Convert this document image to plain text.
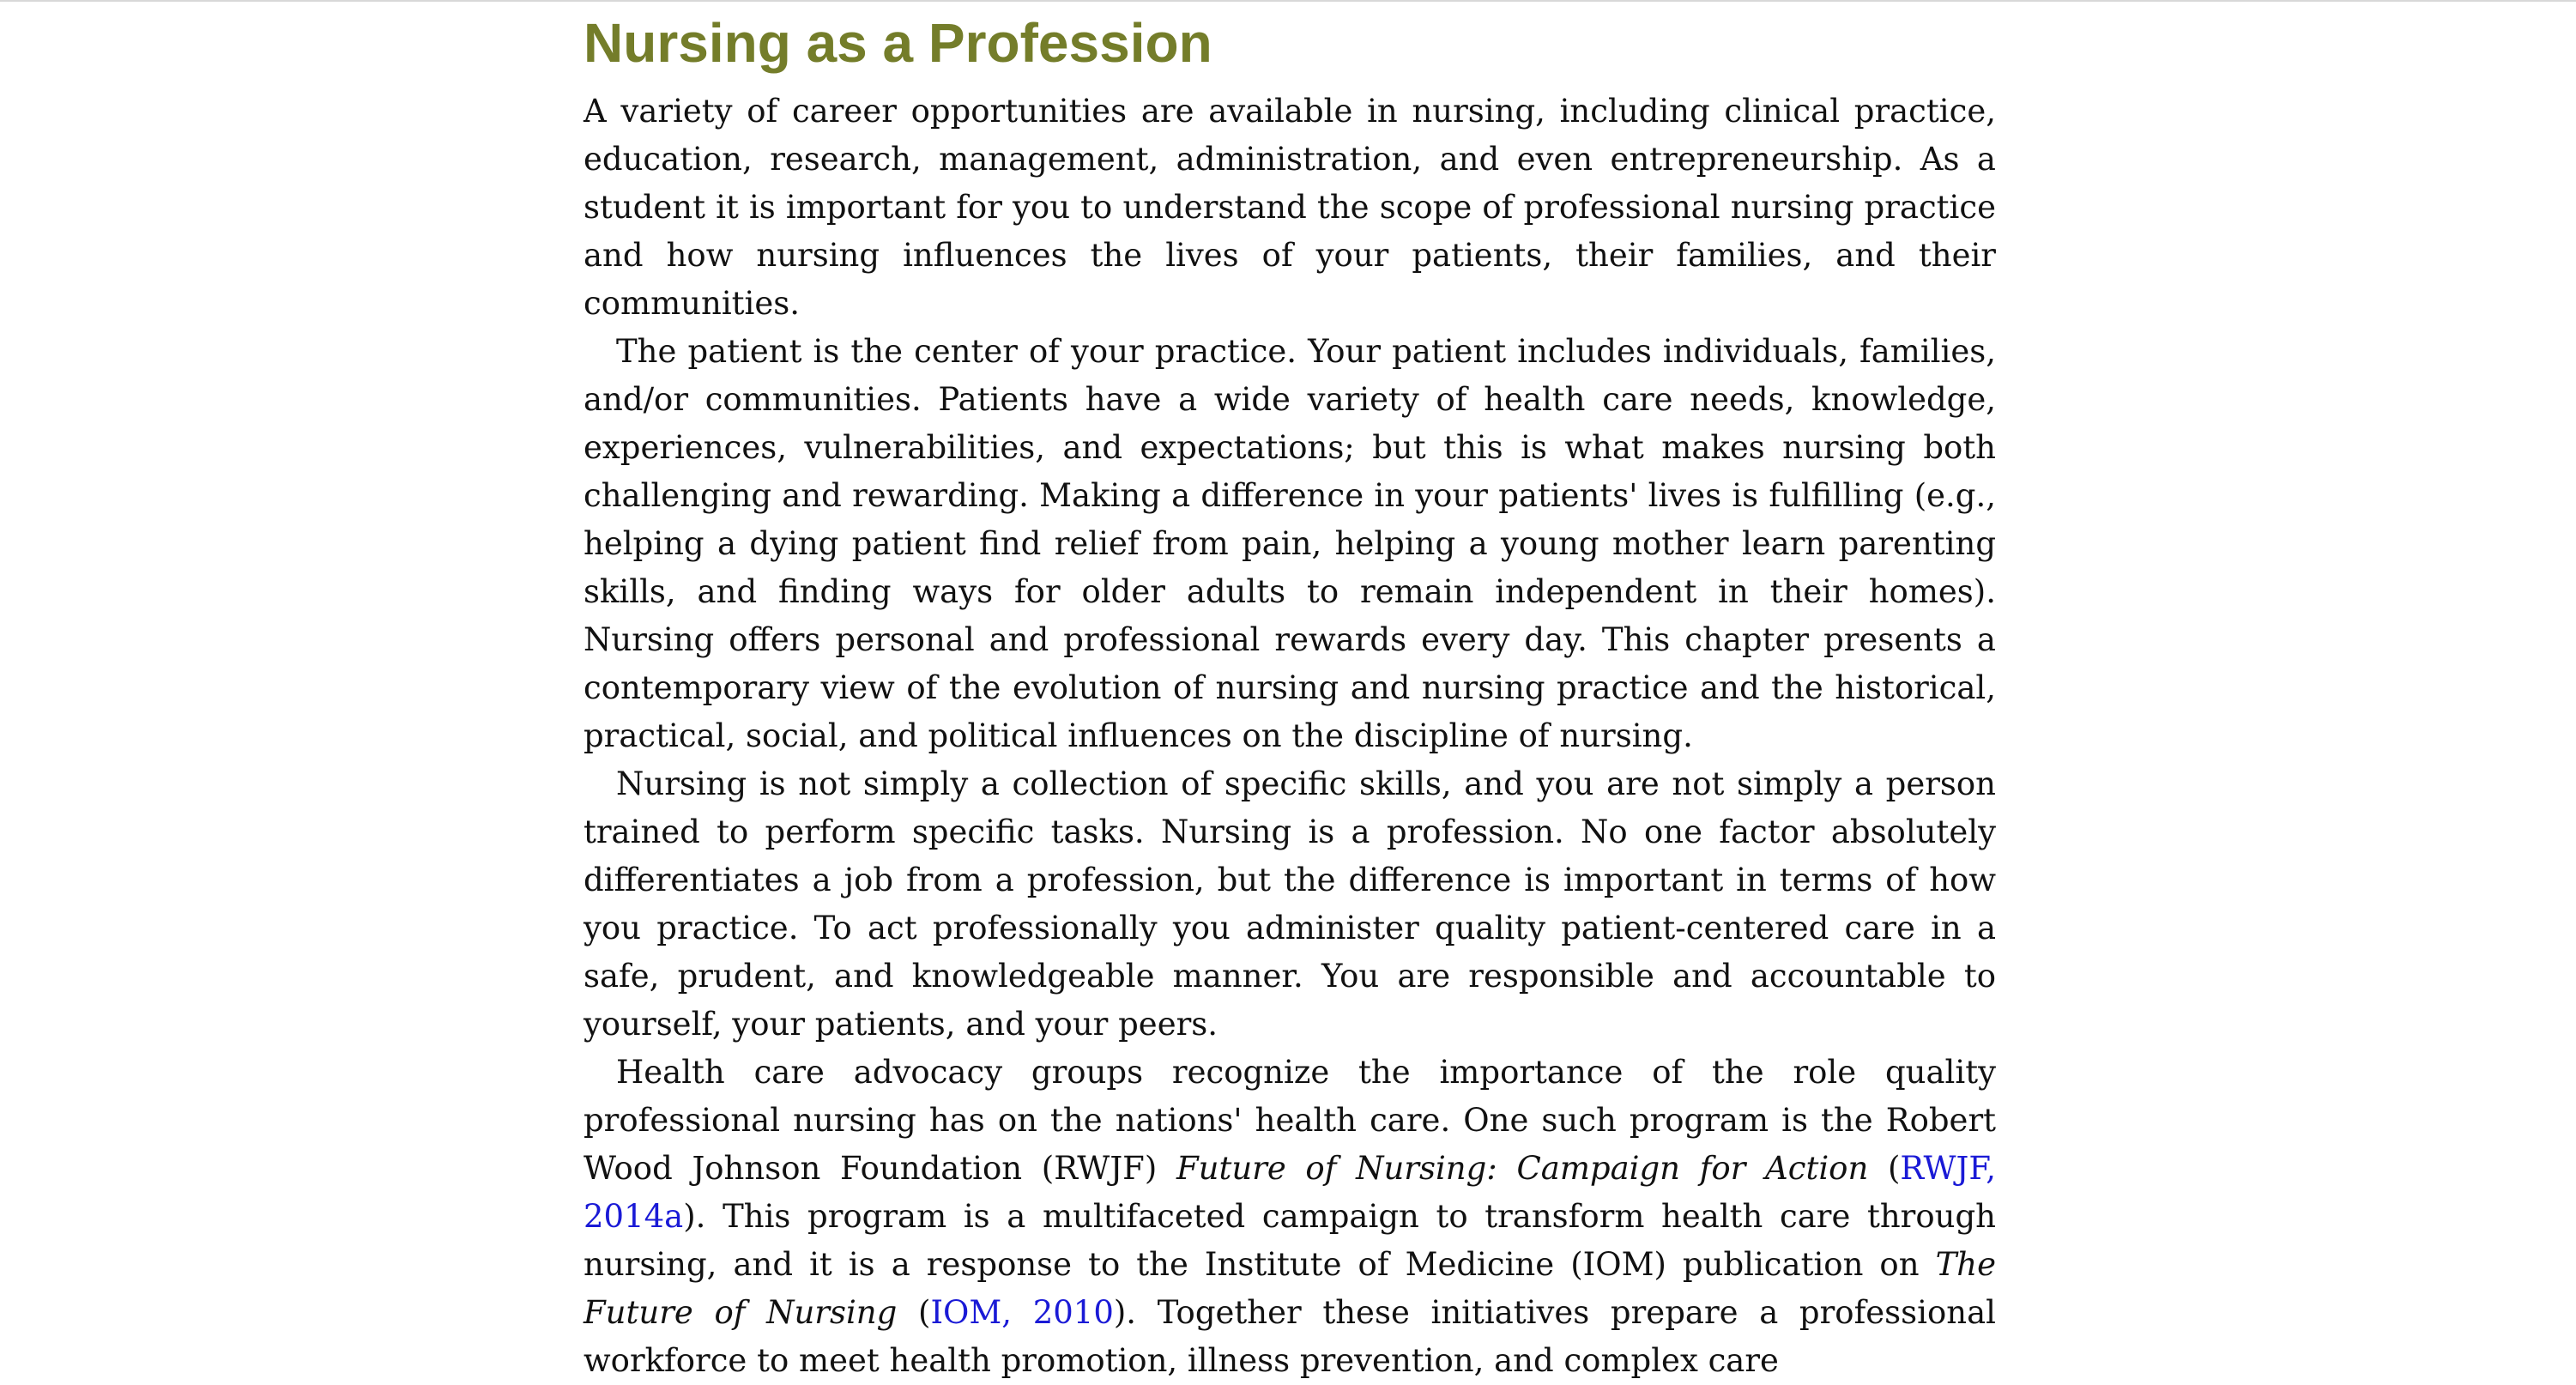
Nursing as a Profession

A variety of career opportunities are available in nursing, including clinical practice, education, research, management, administration, and even entrepreneurship. As a student it is important for you to understand the scope of professional nursing practice and how nursing influences the lives of your patients, their families, and their communities.

The patient is the center of your practice. Your patient includes individuals, families, and/or communities. Patients have a wide variety of health care needs, knowledge, experiences, vulnerabilities, and expectations; but this is what makes nursing both challenging and rewarding. Making a difference in your patients' lives is fulfilling (e.g., helping a dying patient find relief from pain, helping a young mother learn parenting skills, and finding ways for older adults to remain independent in their homes). Nursing offers personal and professional rewards every day. This chapter presents a contemporary view of the evolution of nursing and nursing practice and the historical, practical, social, and political influences on the discipline of nursing.

Nursing is not simply a collection of specific skills, and you are not simply a person trained to perform specific tasks. Nursing is a profession. No one factor absolutely differentiates a job from a profession, but the difference is important in terms of how you practice. To act professionally you administer quality patient-centered care in a safe, prudent, and knowledgeable manner. You are responsible and accountable to yourself, your patients, and your peers.

Health care advocacy groups recognize the importance of the role quality professional nursing has on the nations' health care. One such program is the Robert Wood Johnson Foundation (RWJF) Future of Nursing: Campaign for Action (RWJF, 2014a). This program is a multifaceted campaign to transform health care through nursing, and it is a response to the Institute of Medicine (IOM) publication on The Future of Nursing (IOM, 2010). Together these initiatives prepare a professional workforce to meet health promotion, illness prevention, and complex care
